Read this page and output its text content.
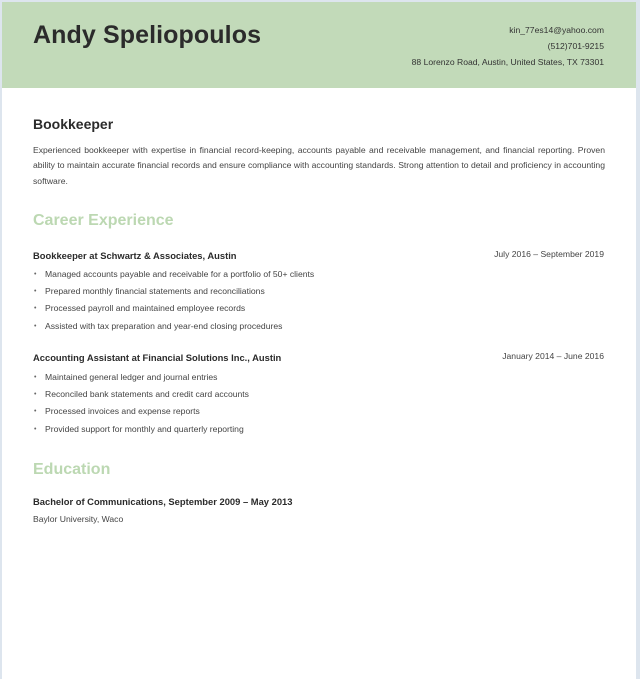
Andy Speliopoulos	kin_77es14@yahoo.com
(512)701-9215
88 Lorenzo Road, Austin, United States, TX 73301
Bookkeeper
Experienced bookkeeper with expertise in financial record-keeping, accounts payable and receivable management, and financial reporting. Proven ability to maintain accurate financial records and ensure compliance with accounting standards. Strong attention to detail and proficiency in accounting software.
Career Experience
Bookkeeper at Schwartz & Associates, Austin	July 2016 – September 2019
• Managed accounts payable and receivable for a portfolio of 50+ clients
• Prepared monthly financial statements and reconciliations
• Processed payroll and maintained employee records
• Assisted with tax preparation and year-end closing procedures
Accounting Assistant at Financial Solutions Inc., Austin	January 2014 – June 2016
• Maintained general ledger and journal entries
• Reconciled bank statements and credit card accounts
• Processed invoices and expense reports
• Provided support for monthly and quarterly reporting
Education
Bachelor of Communications, September 2009 – May 2013
Baylor University, Waco
